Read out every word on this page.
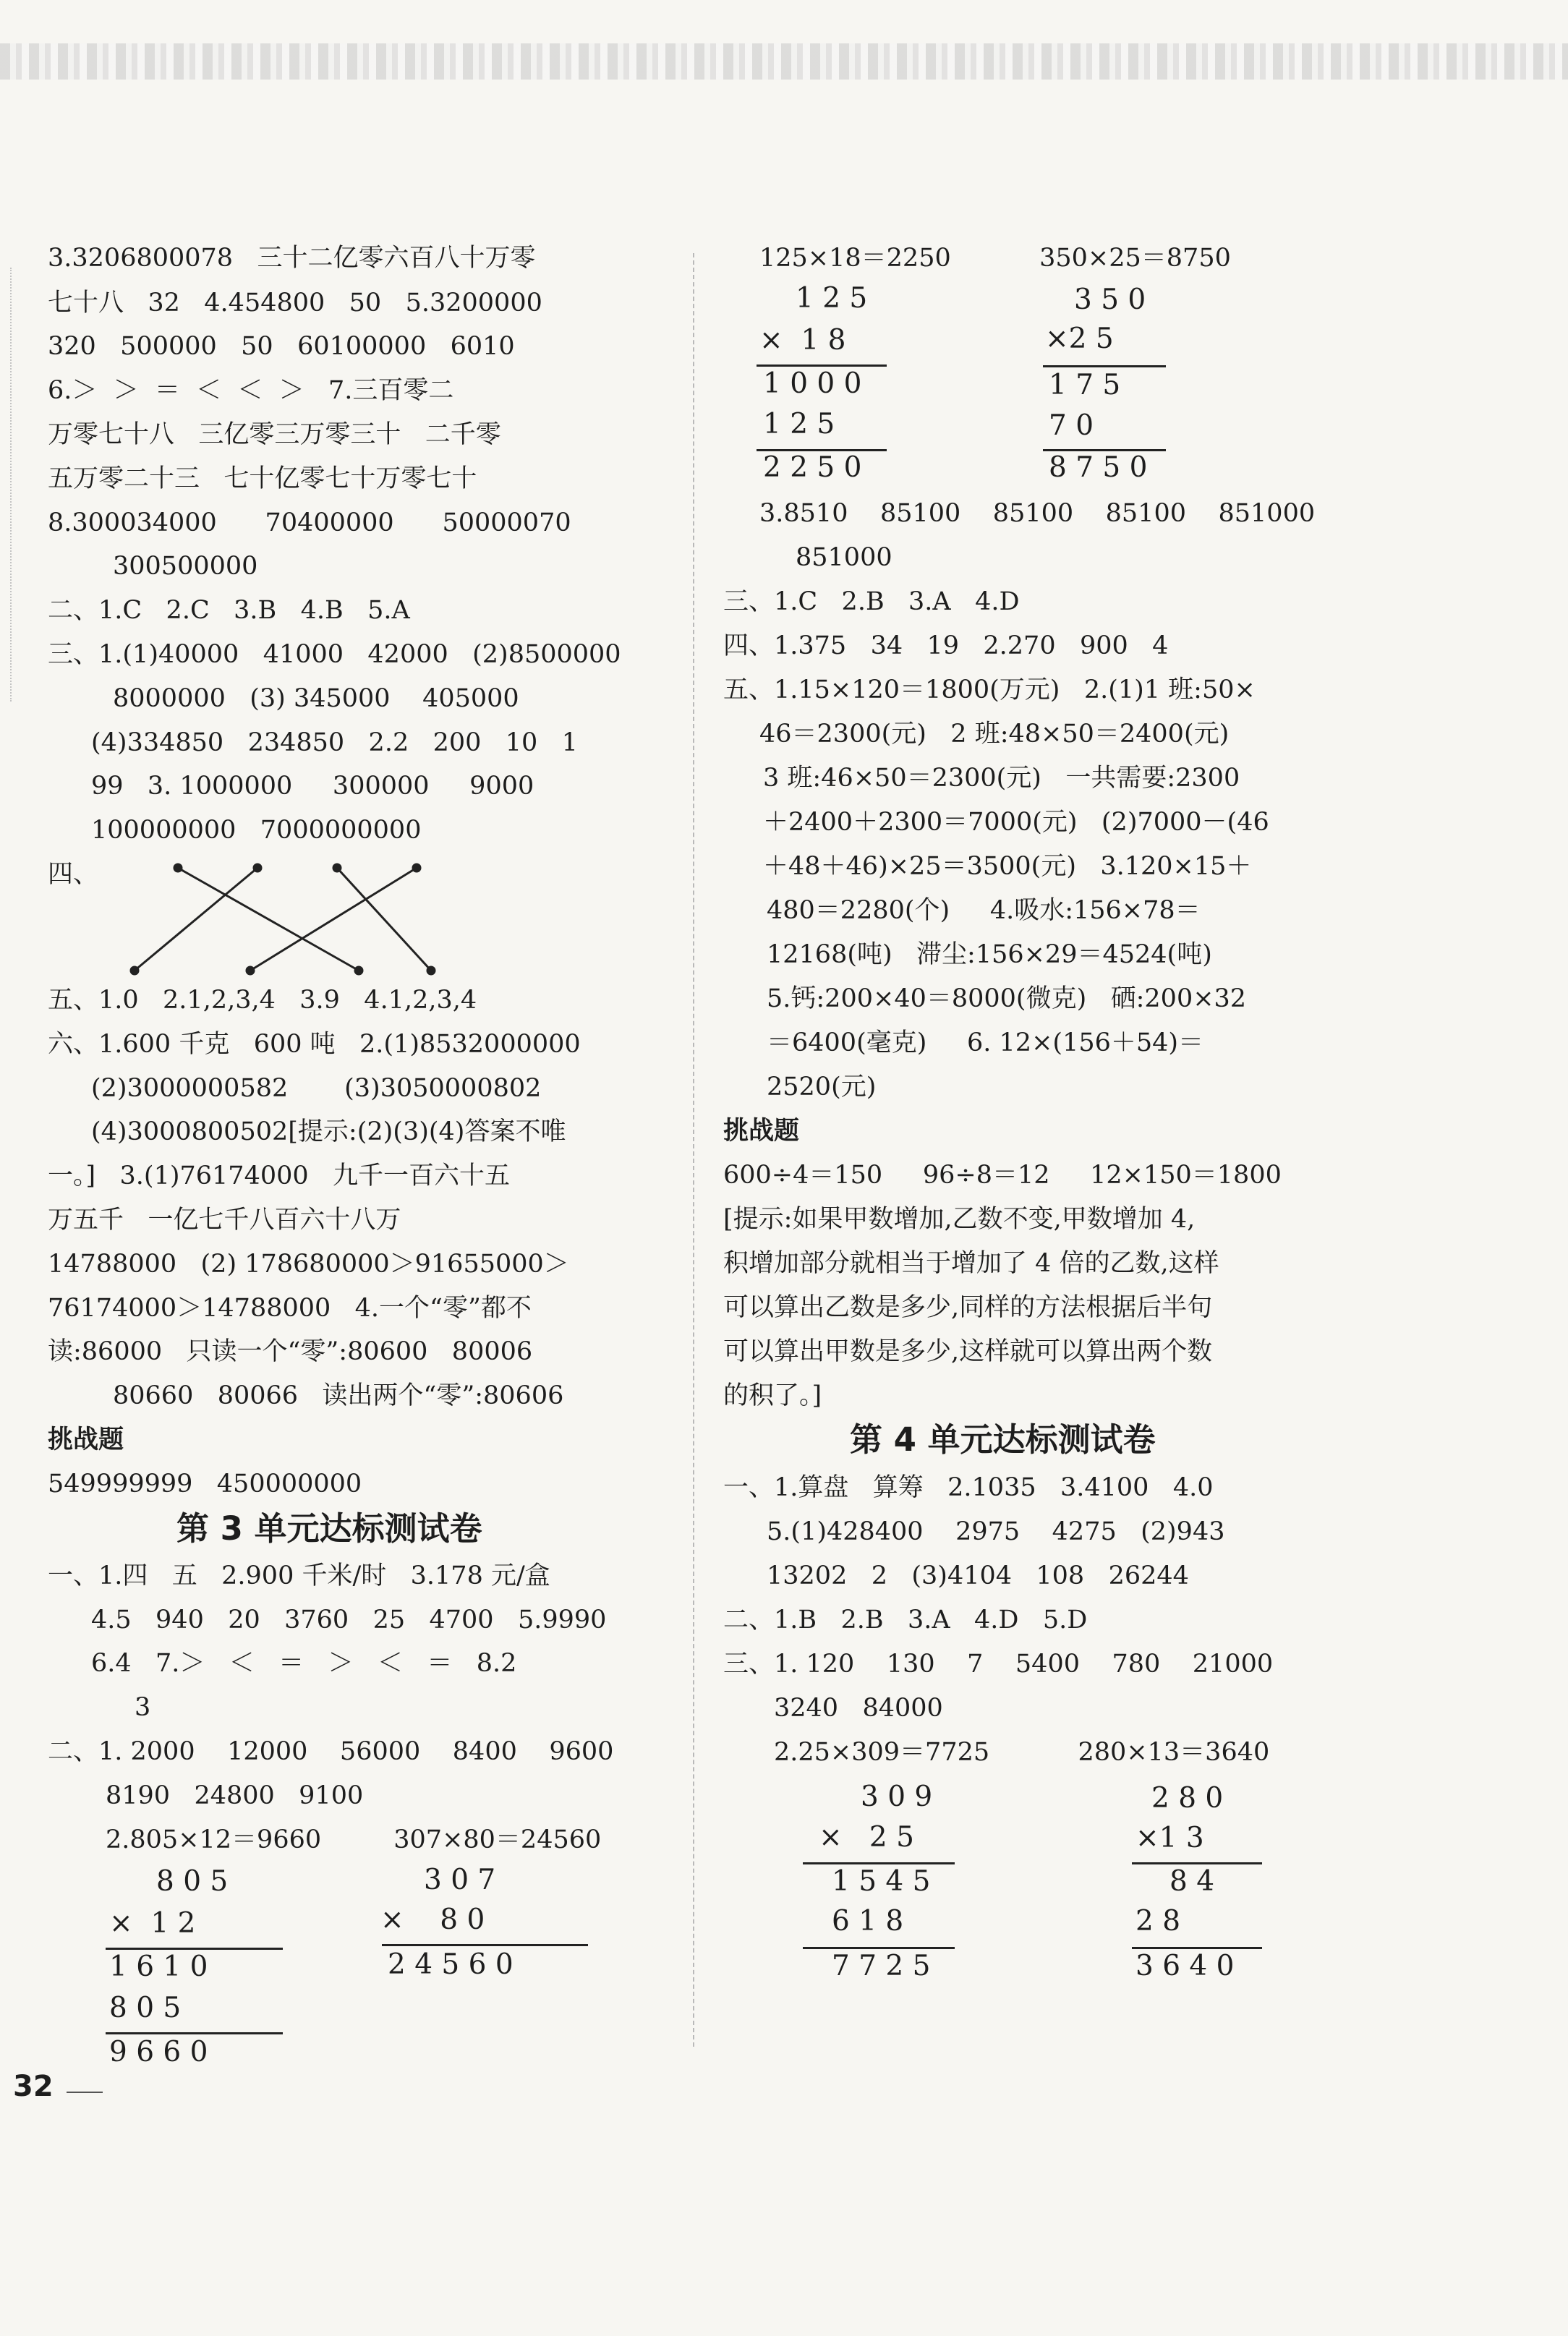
3.3206800078   三十二亿零六百八十万零
七十八   32   4.454800   50   5.3200000
320   500000   50   60100000   6010
6.＞  ＞  ＝  ＜  ＜  ＞   7.三百零二
万零七十八   三亿零三万零三十   二千零
五万零二十三   七十亿零七十万零七十
8.300034000      70400000      50000070
300500000
二、1.C   2.C   3.B   4.B   5.A
三、1.(1)40000   41000   42000   (2)8500000
8000000   (3) 345000    405000
(4)334850   234850   2.2   200   10   1
99   3. 1000000     300000     9000
100000000   7000000000
四、
五、1.0   2.1,2,3,4   3.9   4.1,2,3,4
六、1.600 千克   600 吨   2.(1)8532000000
(2)3000000582       (3)3050000802
(4)3000800502[提示:(2)(3)(4)答案不唯
一。]   3.(1)76174000   九千一百六十五
万五千   一亿七千八百六十八万
14788000   (2) 178680000＞91655000＞
76174000＞14788000   4.一个“零”都不
读:86000   只读一个“零”:80600   80006
80660   80066   读出两个“零”:80606
挑战题
549999999   450000000
第 3 单元达标测试卷
一、1.四   五   2.900 千米/时   3.178 元/盒
4.5   940   20   3760   25   4700   5.9990
6.4   7.＞   ＜   ＝   ＞   ＜   ＝   8.2
3
二、1. 2000    12000    56000    8400    9600
8190   24800   9100
2.805×12＝9660         307×80＝24560
8 0 5
×  1 2
1 6 1 0
8 0 5
9 6 6 0
3 0 7
×    8 0
2 4 5 6 0
125×18＝2250           350×25＝8750
1 2 5
×  1 8
1 0 0 0
1 2 5
2 2 5 0
3 5 0
×2 5
1 7 5
7 0
8 7 5 0
3.8510    85100    85100    85100    851000
851000
三、1.C   2.B   3.A   4.D
四、1.375   34   19   2.270   900   4
五、1.15×120＝1800(万元)   2.(1)1 班:50×
46＝2300(元)   2 班:48×50＝2400(元)
3 班:46×50＝2300(元)   一共需要:2300
＋2400＋2300＝7000(元)   (2)7000－(46
＋48＋46)×25＝3500(元)   3.120×15＋
480＝2280(个)     4.吸水:156×78＝
12168(吨)   滞尘:156×29＝4524(吨)
5.钙:200×40＝8000(微克)   硒:200×32
＝6400(毫克)     6. 12×(156＋54)＝
2520(元)
挑战题
600÷4＝150     96÷8＝12     12×150＝1800
[提示:如果甲数增加,乙数不变,甲数增加 4,
积增加部分就相当于增加了 4 倍的乙数,这样
可以算出乙数是多少,同样的方法根据后半句
可以算出甲数是多少,这样就可以算出两个数
的积了。]
第 4 单元达标测试卷
一、1.算盘   算筹   2.1035   3.4100   4.0
5.(1)428400    2975    4275   (2)943
13202   2   (3)4104   108   26244
二、1.B   2.B   3.A   4.D   5.D
三、1. 120    130    7    5400    780    21000
3240   84000
2.25×309＝7725           280×13＝3640
3 0 9
×   2 5
1 5 4 5
6 1 8
7 7 2 5
2 8 0
×1 3
8 4
2 8
3 6 4 0
32
